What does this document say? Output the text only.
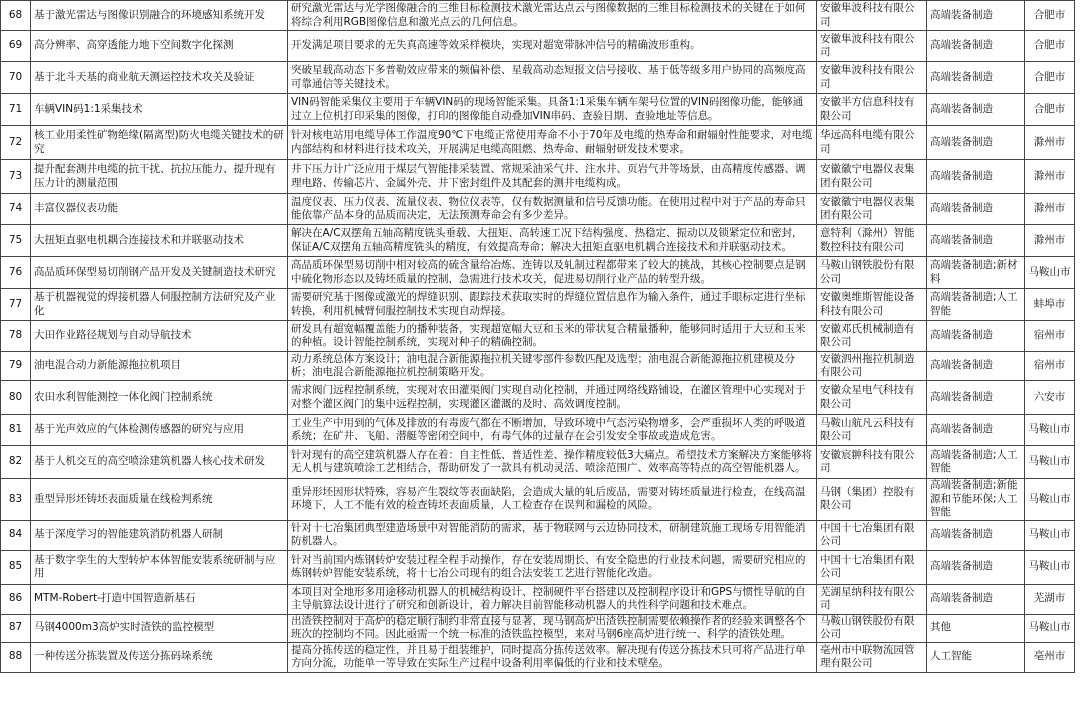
68	基于激光雷达与图像识别融合的环境感知系统开发	研究激光雷达与光学图像融合的三维目标检测技术激光雷达点云与图像数据的三维目标检测技术的关键在于如何将综合利用RGB图像信息和激光点云的几何信息。	安徽隼波科技有限公司	高端装备制造	合肥市
69	高分辨率、高穿透能力地下空间数字化探测	开发满足项目要求的无失真高速等效采样模块，实现对超宽带脉冲信号的精确波形重构。	安徽隼波科技有限公司	高端装备制造	合肥市
70	基于北斗天基的商业航天测运控技术攻关及验证	突破星载高动态下多普勒效应带来的频偏补偿、星载高动态短报文信号接收、基于低等级多用户协同的高频度高可靠通信等关键技术。	安徽隼波科技有限公司	高端装备制造	合肥市
71	车辆VIN码1:1采集技术	VIN码智能采集仪主要用于车辆VIN码的现场智能采集。具备1:1采集车辆车架号位置的VIN码图像功能，能够通过立上位机打印采集的图像，打印的图像能自动叠加VIN串码、查验日期、查验地址等信息。	安徽半方信息科技有限公司	高端装备制造	合肥市
72	核工业用柔性矿物绝缘(隔离型)防火电缆关键技术的研究	针对核电站用电缆导体工作温度90℃下电缆正常使用寿命不小于70年及电缆的热寿命和耐辐射性能要求，对电缆内部结构和材料进行技术攻关，开展满足电缆高阻燃、热寿命、耐辐射研发技术要求。	华远高科电缆有限公司	高端装备制造	滁州市
73	提升配套测井电缆的抗干扰、抗拉压能力、提升现有压力计的测量范围	井下压力计广泛应用于煤层气智能排采装置、常规采油采气井、注水井、页岩气井等场景，由高精度传感器、调理电路、传输芯片、金属外壳、井下密封组件及其配套的测井电缆构成。	安徽徽宁电器仪表集团有限公司	高端装备制造	滁州市
74	丰富仪器仪表功能	温度仪表、压力仪表、流量仪表、物位仪表等，仅有数据测量和信号反馈功能。在使用过程中对于产品的寿命只能依靠产品本身的品质而决定，无法预测寿命会有多少差异。	安徽徽宁电器仪表集团有限公司	高端装备制造	滁州市
75	大扭矩直驱电机耦合连接技术和并联驱动技术	解决在A/C双摆角五轴高精度铣头垂载、大扭矩、高转速工况下结构强度、热稳定、振动以及锁紧定位和密封，保证A/C双摆角五轴高精度铣头的精度，有效提高寿命；解决大扭矩直驱电机耦合连接技术和并联驱动技术。	意特利（滁州）智能数控科技有限公司	高端装备制造	滁州市
76	高品质环保型易切削钢产品开发及关键制造技术研究	高品质环保型易切削中相对较高的硫含量给冶炼、连铸以及轧制过程都带来了较大的挑战，其核心控制要点是钢中硫化物形态以及铸坯质量的控制，急需进行技术攻关，促进易切削行业产品的转型升级。	马鞍山钢铁股份有限公司	高端装备制造;新材料	马鞍山市
77	基于机器视觉的焊接机器人伺服控制方法研究及产业化	需要研究基于图像或激光的焊缝识别、跟踪技术获取实时的焊缝位置信息作为输入条件，通过手眼标定进行坐标转换，利用机械臂伺服控制技术实现自动焊接。	安徽奥维斯智能设备科技有限公司	高端装备制造;人工智能	蚌埠市
78	大田作业路径规划与自动导航技术	研发具有超宽幅覆盖能力的播种装备，实现超宽幅大豆和玉米的带状复合精量播种，能够同时适用于大豆和玉米的种植。设计智能控制系统，实现对种子的精确控制。	安徽邓氏机械制造有限公司	高端装备制造	宿州市
79	油电混合动力新能源拖拉机项目	动力系统总体方案设计；油电混合新能源拖拉机关键零部件参数匹配及选型；油电混合新能源拖拉机建模及分析；油电混合新能源拖拉机控制策略开发。	安徽泗州拖拉机制造有限公司	高端装备制造	宿州市
80	农田水利智能测控一体化阀门控制系统	需求阀门远程控制系统，实现对农田灌渠阀门实现自动化控制，并通过网络线路铺设，在灌区管理中心实现对于对整个灌区阀门的集中远程控制，实现灌区灌溉的及时、高效调度控制。	安徽众星电气科技有限公司	高端装备制造	六安市
81	基于光声效应的气体检测传感器的研究与应用	工业生产中用到的气体及排放的有毒废气都在不断增加，导致环境中气态污染物增多，会严重损坏人类的呼吸道系统；在矿井、飞船、潜艇等密闭空间中，有毒气体的过量存在会引发安全事故或造成危害。	马鞍山航凡云科技有限公司	高端装备制造	马鞍山市
82	基于人机交互的高空喷涂建筑机器人核心技术研发	针对现有的高空建筑机器人存在着：自主性低、普适性差、操作精度较低3大痛点。希望技术方案解决方案能够将无人机与建筑喷涂工艺相结合，帮助研发了一款具有机动灵活、喷涂范围广、效率高等特点的高空智能机器人。	安徽宸翀科技有限公司	高端装备制造;人工智能	马鞍山市
83	重型异形坯铸坯表面质量在线检判系统	重异形坯因形状特殊，容易产生裂纹等表面缺陷，会造成大量的轧后废品，需要对铸坯质量进行检查，在线高温环境下，人工不能有效的检查铸坯表面质量，人工检查存在误判和漏检的风险。	马钢（集团）控股有限公司	高端装备制造;新能源和节能环保;人工智能	马鞍山市
84	基于深度学习的智能建筑消防机器人研制	针对十七冶集团典型建造场景中对智能消防的需求，基于物联网与云边协同技术，研制建筑施工现场专用智能消防机器人。	中国十七冶集团有限公司	高端装备制造	马鞍山市
85	基于数字孪生的大型转炉本体智能安装系统研制与应用	针对当前国内炼钢转炉安装过程全程手动操作，存在安装周期长、有安全隐患的行业技术问题，需要研究相应的炼钢转炉智能安装系统，将十七冶公司现有的组合法安装工艺进行智能化改造。	中国十七冶集团有限公司	高端装备制造	马鞍山市
86	MTM-Robert-打造中国智造新基石	本项目对全地形多用途移动机器人的机械结构设计、控制硬件平台搭建以及控制程序设计和GPS与惯性导航的自主导航算法设计进行了研究和创新设计，着力解决目前智能移动机器人的共性科学问题和技术难点。	芜湖星纳科技有限公司	高端装备制造	芜湖市
87	马钢4000m3高炉实时渣铁的监控模型	出渣铁控制对于高炉的稳定顺行制约非常直接与显著，现马钢高炉出渣铁控制需要依赖操作者的经验来调整各个班次的控制均不同。因此亟需一个统一标准的渣铁监控模型，来对马钢6座高炉进行统一、科学的渣铁处理。	马鞍山钢铁股份有限公司	其他	马鞍山市
88	一种传送分拣装置及传送分拣码垛系统	提高分拣传送的稳定性，并且易于组装维护，同时提高分拣传送效率。解决现有传送分拣技术只可将产品进行单方向分流，功能单一等导致在实际生产过程中设备利用率偏低的行业和技术壁垒。	亳州市中联物流园管理有限公司	人工智能	亳州市
